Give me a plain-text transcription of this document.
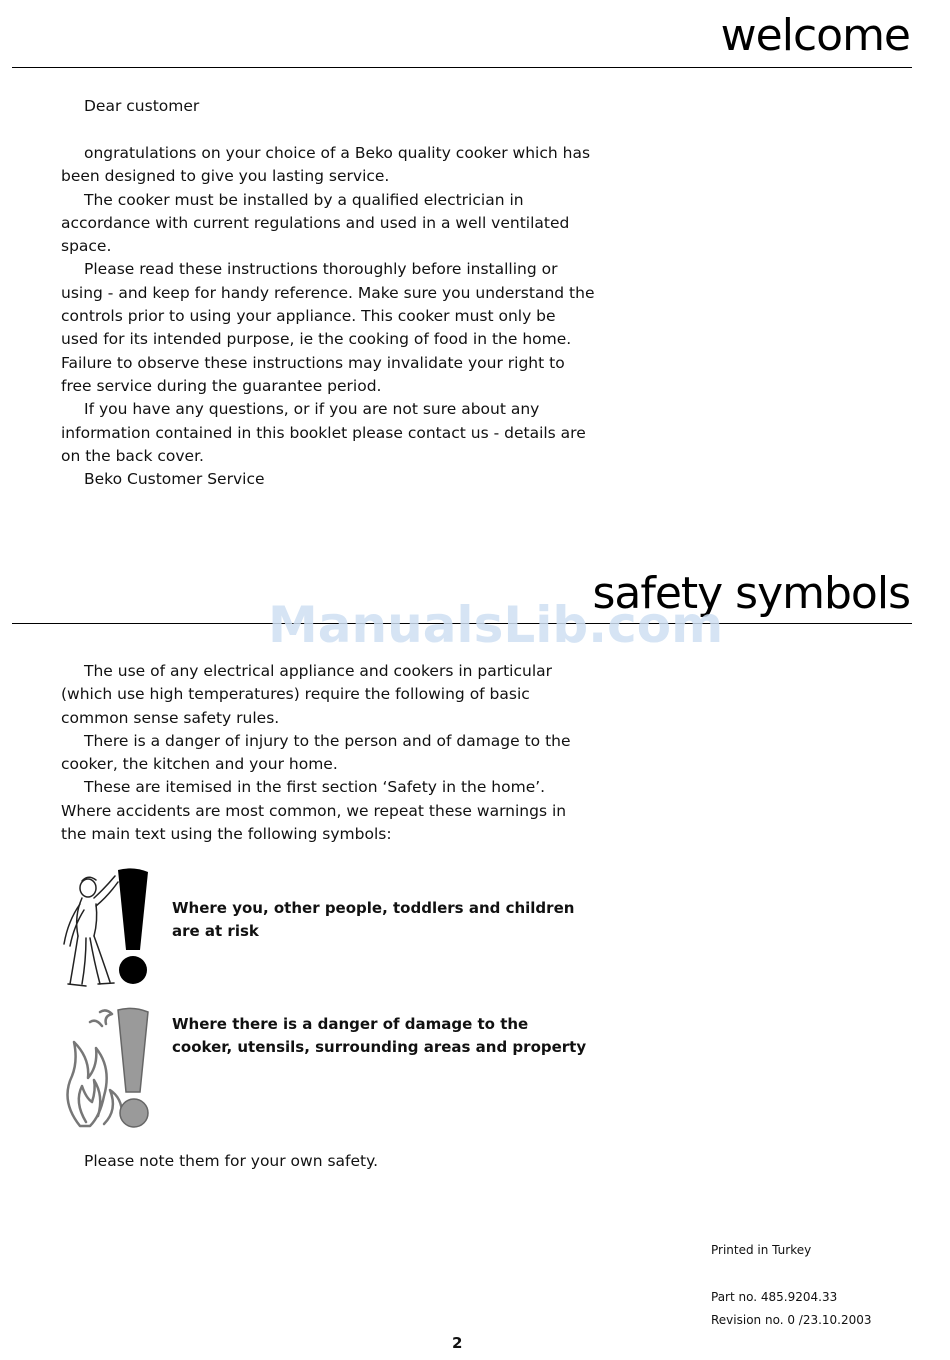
welcome

Dear customer

ongratulations on your choice of a Beko quality cooker which has been designed to give you lasting service.

The cooker must be installed by a qualified electrician in accordance with current regulations and used in a well ventilated space.

Please read these instructions thoroughly before installing or using - and keep for handy reference. Make sure you understand the controls prior to using your appliance. This cooker must only be used for its intended purpose, ie the cooking of food in the home. Failure to observe these instructions may invalidate your right to free service during the guarantee period.

If you have any questions, or if you are not sure about any information contained in this booklet please contact us - details are on the back cover.

Beko Customer Service

safety symbols
ManualsLib.com

The use of any electrical appliance and cookers in particular (which use high temperatures) require the following of basic common sense safety rules.

There is a danger of injury to the person and of damage to the cooker, the kitchen and your home.

These are itemised in the first section ‘Safety in the home’. Where accidents are most common, we repeat these warnings in the main text using the following symbols:

Where you, other people, toddlers and children are at risk

Where there is a danger of damage to the cooker, utensils, surrounding areas and property

Please note them for your own safety.

Printed in Turkey

Part no. 485.9204.33

Revision no. 0 /23.10.2003

2
